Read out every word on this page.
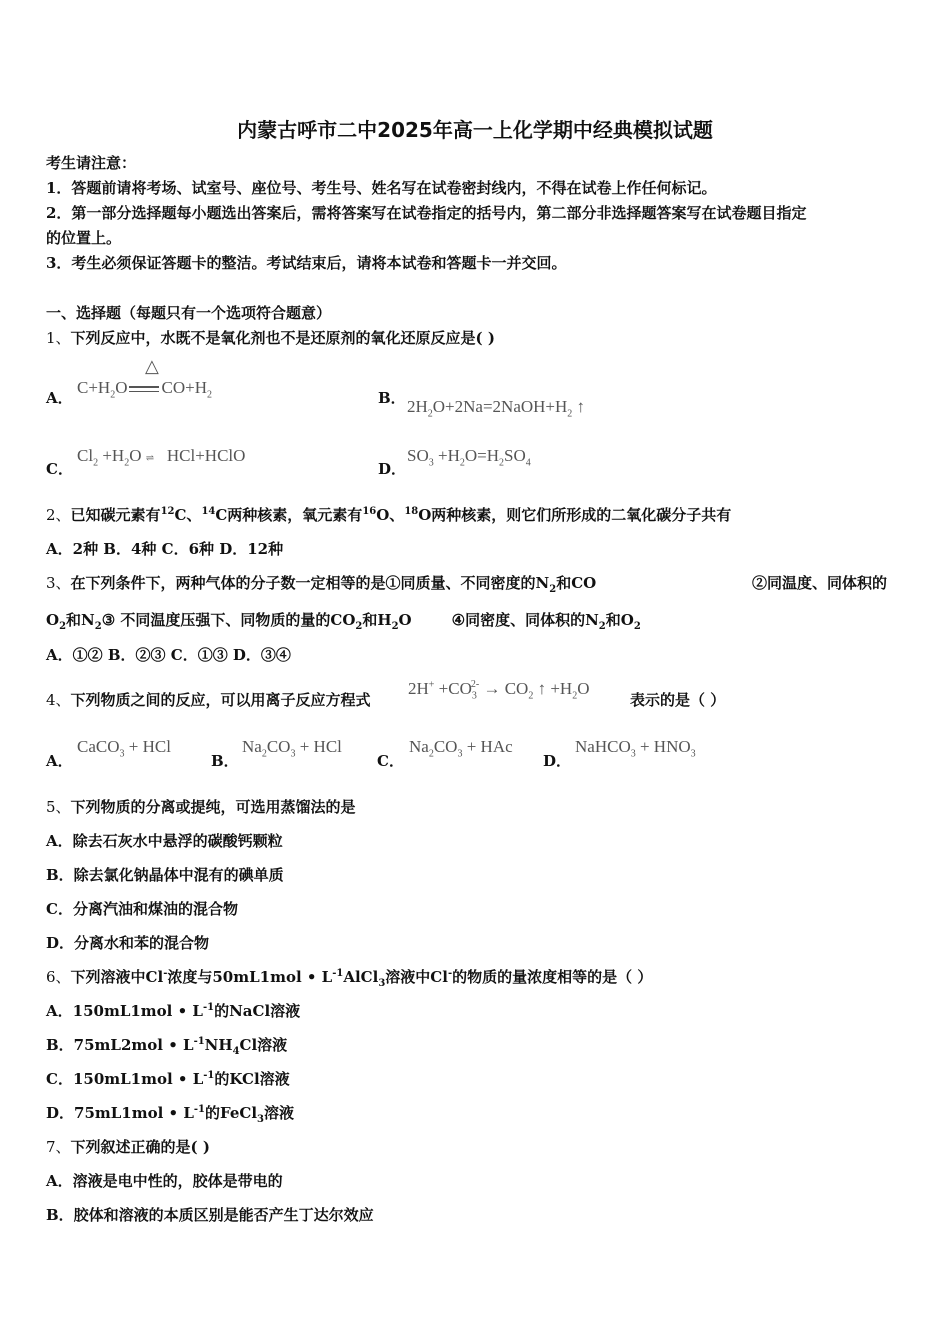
内蒙古呼市二中2025年高一上化学期中经典模拟试题
考生请注意：
1．答题前请将考场、试室号、座位号、考生号、姓名写在试卷密封线内，不得在试卷上作任何标记。
2．第一部分选择题每小题选出答案后，需将答案写在试卷指定的括号内，第二部分非选择题答案写在试卷题目指定
的位置上。
3．考生必须保证答题卡的整洁。考试结束后，请将本试卷和答题卡一并交回。
一、选择题（每题只有一个选项符合题意）
1、下列反应中，水既不是氧化剂也不是还原剂的氧化还原反应是( )
△
A．
$C+H_2O$ $CO+H_2$	B． $2H_2O+2Na=2NaOH+H_2$ ↑
C．
$Cl_2 +H_2O$ ⇌   HCl+HClO
D．
$SO_3 +H_2O=H_2SO_4$
2、已知碳元素有$^{12}$C、$^{14}$C两种核素，氧元素有$^{16}$O、$^{18}$O两种核素，则它们所形成的二氧化碳分子共有
A．2种 B．4种 C．6种 D．12种
3、在下列条件下，两种气体的分子数一定相等的是①同质量、不同密度的$N_2$和CO	②同温度、同体积的
$O_2$和$N_2③$ 不同温度压强下、同物质的量的$CO_2$和$H_2O$	④同密度、同体积的$N_2$和$O_2$
A．①② B．②③ C．①③ D．③④
4、下列物质之间的反应，可以用离子反应方程式
$2H^+ +CO_3^{2-} \to CO_2$ ↑ $+H_2O$
表示的是（ ）
A．
CaCO$_3$ + HCl
B．
$Na_2CO_3$ + HCl
C．
$Na_2CO_3$ + HAc
D．
NaHCO$_3$ + $HNO_3$
5、下列物质的分离或提纯，可选用蒸馏法的是
A．除去石灰水中悬浮的碳酸钙颗粒
B．除去氯化钠晶体中混有的碘单质
C．分离汽油和煤油的混合物
D．分离水和苯的混合物
6、下列溶液中Cl-浓度与50mL1mol • $L^{-1}AlCl_3$溶液中Cl-的物质的量浓度相等的是（ ）
A．150mL1mol • $L^{-1}$的NaCl溶液
B．75mL2mol • $L^{-1}NH_4Cl$溶液
C．150mL1mol • $L^{-1}$的KCl溶液
D．75mL1mol • $L^{-1}$的FeCl$_3$溶液
7、下列叙述正确的是( )
A．溶液是电中性的，胶体是带电的
B．胶体和溶液的本质区别是能否产生丁达尔效应
